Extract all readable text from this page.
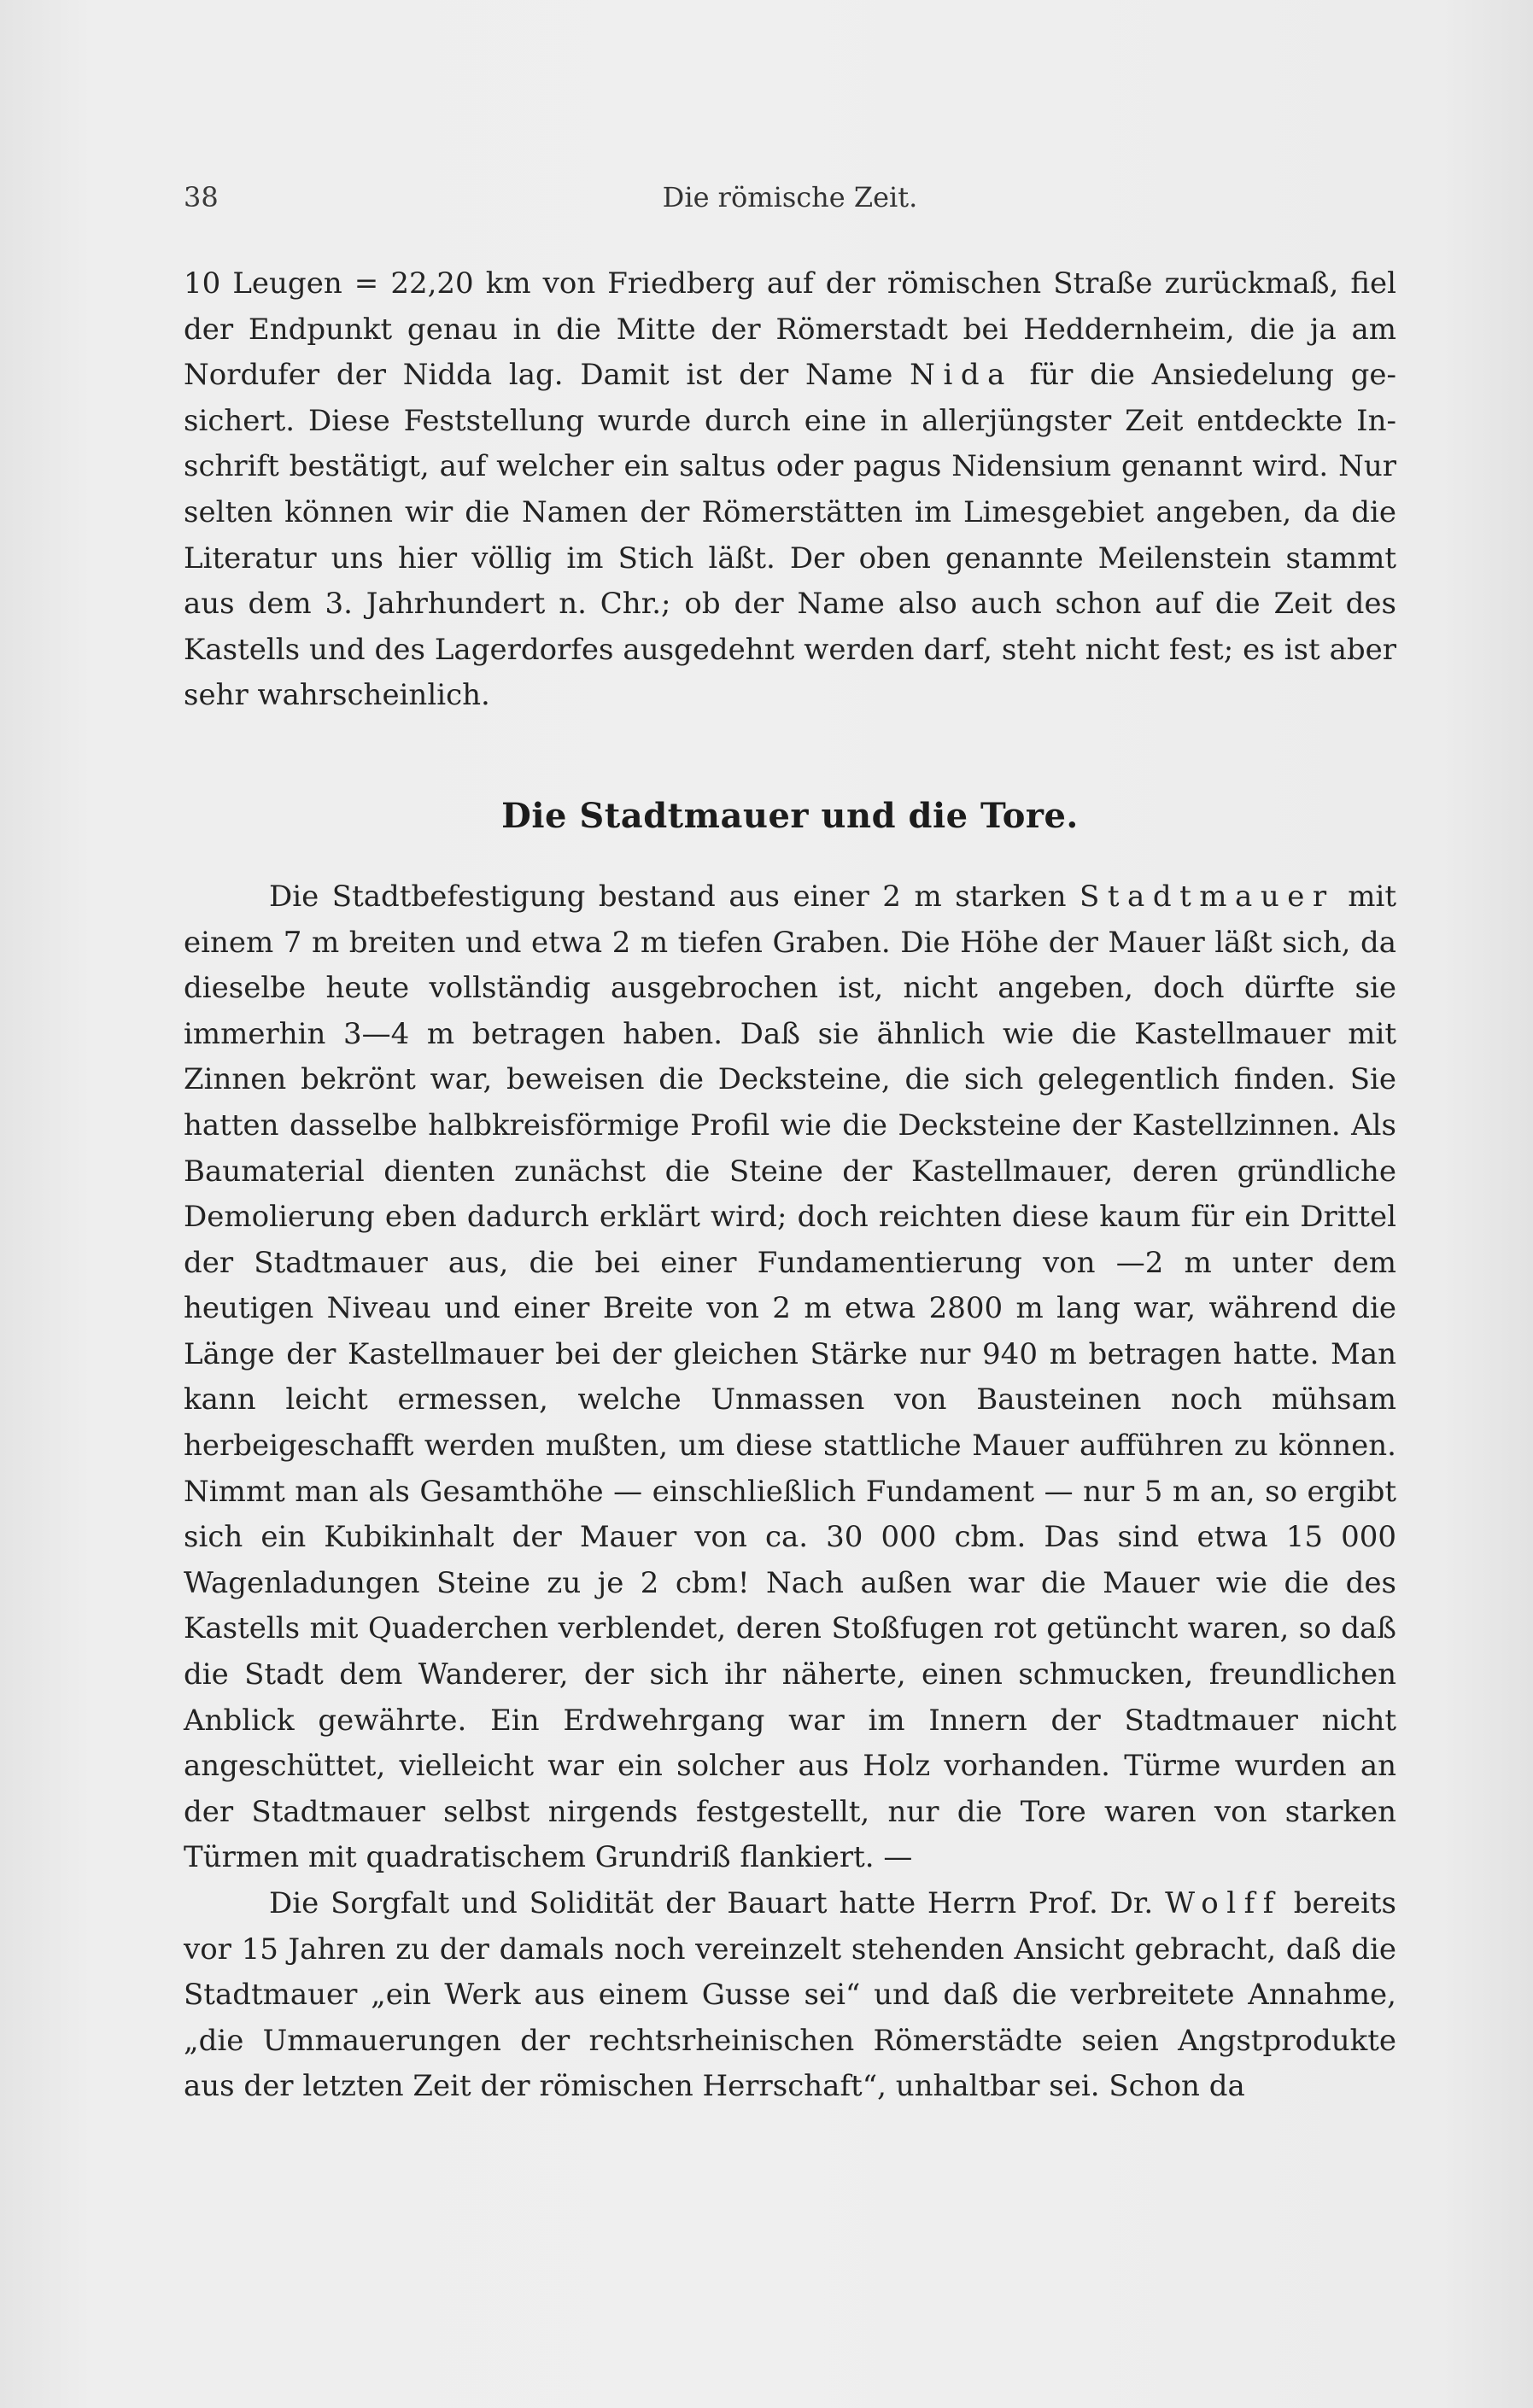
38	Die römische Zeit.

10 Leugen = 22,20 km von Friedberg auf der römischen Straße zurückmaß, fiel der Endpunkt genau in die Mitte der Römerstadt bei Heddernheim, die ja am Nordufer der Nidda lag. Damit ist der Name Nida für die Ansiedelung gesichert. Diese Feststellung wurde durch eine in allerjüngster Zeit entdeckte Inschrift bestätigt, auf welcher ein saltus oder pagus Nidensium genannt wird. Nur selten können wir die Namen der Römerstätten im Limesgebiet angeben, da die Literatur uns hier völlig im Stich läßt. Der oben genannte Meilenstein stammt aus dem 3. Jahrhundert n. Chr.; ob der Name also auch schon auf die Zeit des Kastells und des Lagerdorfes ausgedehnt werden darf, steht nicht fest; es ist aber sehr wahrscheinlich.

Die Stadtmauer und die Tore.

Die Stadtbefestigung bestand aus einer 2 m starken Stadtmauer mit einem 7 m breiten und etwa 2 m tiefen Graben. Die Höhe der Mauer läßt sich, da dieselbe heute vollständig ausgebrochen ist, nicht angeben, doch dürfte sie immerhin 3—4 m betragen haben. Daß sie ähnlich wie die Kastellmauer mit Zinnen bekrönt war, beweisen die Decksteine, die sich gelegentlich finden. Sie hatten dasselbe halbkreisförmige Profil wie die Decksteine der Kastellzinnen. Als Baumaterial dienten zunächst die Steine der Kastellmauer, deren gründliche Demolierung eben dadurch erklärt wird; doch reichten diese kaum für ein Drittel der Stadtmauer aus, die bei einer Fundamentierung von —2 m unter dem heutigen Niveau und einer Breite von 2 m etwa 2800 m lang war, während die Länge der Kastellmauer bei der gleichen Stärke nur 940 m betragen hatte. Man kann leicht ermessen, welche Unmassen von Bausteinen noch mühsam herbeigeschafft werden mußten, um diese stattliche Mauer aufführen zu können. Nimmt man als Gesamthöhe — einschließlich Fundament — nur 5 m an, so ergibt sich ein Kubikinhalt der Mauer von ca. 30 000 cbm. Das sind etwa 15 000 Wagenladungen Steine zu je 2 cbm! Nach außen war die Mauer wie die des Kastells mit Quaderchen verblendet, deren Stoßfugen rot getüncht waren, so daß die Stadt dem Wanderer, der sich ihr näherte, einen schmucken, freundlichen Anblick gewährte. Ein Erdwehrgang war im Innern der Stadtmauer nicht angeschüttet, vielleicht war ein solcher aus Holz vorhanden. Türme wurden an der Stadtmauer selbst nirgends festgestellt, nur die Tore waren von starken Türmen mit quadratischem Grundriß flankiert. —

Die Sorgfalt und Solidität der Bauart hatte Herrn Prof. Dr. Wolff bereits vor 15 Jahren zu der damals noch vereinzelt stehenden Ansicht gebracht, daß die Stadtmauer „ein Werk aus einem Gusse sei“ und daß die verbreitete Annahme, „die Ummauerungen der rechtsrheinischen Römerstädte seien Angstprodukte aus der letzten Zeit der römischen Herrschaft“, unhaltbar sei. Schon da
